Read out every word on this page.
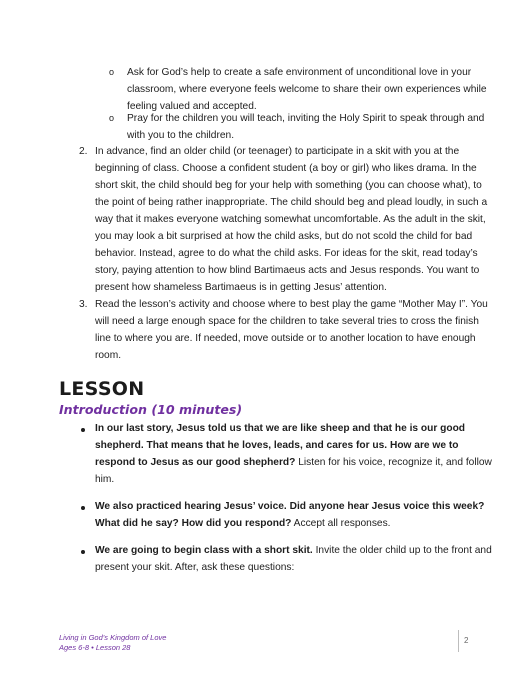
o Ask for God’s help to create a safe environment of unconditional love in your
classroom, where everyone feels welcome to share their own experiences while
feeling valued and accepted.
o Pray for the children you will teach, inviting the Holy Spirit to speak through and
with you to the children.
2. In advance, find an older child (or teenager) to participate in a skit with you at the
beginning of class. Choose a confident student (a boy or girl) who likes drama. In the
short skit, the child should beg for your help with something (you can choose what), to
the point of being rather inappropriate. The child should beg and plead loudly, in such a
way that it makes everyone watching somewhat uncomfortable. As the adult in the skit,
you may look a bit surprised at how the child asks, but do not scold the child for bad
behavior. Instead, agree to do what the child asks. For ideas for the skit, read today’s
story, paying attention to how blind Bartimaeus acts and Jesus responds. You want to
present how shameless Bartimaeus is in getting Jesus’ attention.
3. Read the lesson’s activity and choose where to best play the game “Mother May I”. You
will need a large enough space for the children to take several tries to cross the finish
line to where you are. If needed, move outside or to another location to have enough
room.
LESSON
Introduction (10 minutes)
In our last story, Jesus told us that we are like sheep and that he is our good
shepherd. That means that he loves, leads, and cares for us. How are we to
respond to Jesus as our good shepherd? Listen for his voice, recognize it, and follow
him.
We also practiced hearing Jesus’ voice. Did anyone hear Jesus voice this week?
What did he say? How did you respond? Accept all responses.
We are going to begin class with a short skit. Invite the older child up to the front and
present your skit. After, ask these questions:
Living in God’s Kingdom of Love
Ages 6-8 • Lesson 28
2
